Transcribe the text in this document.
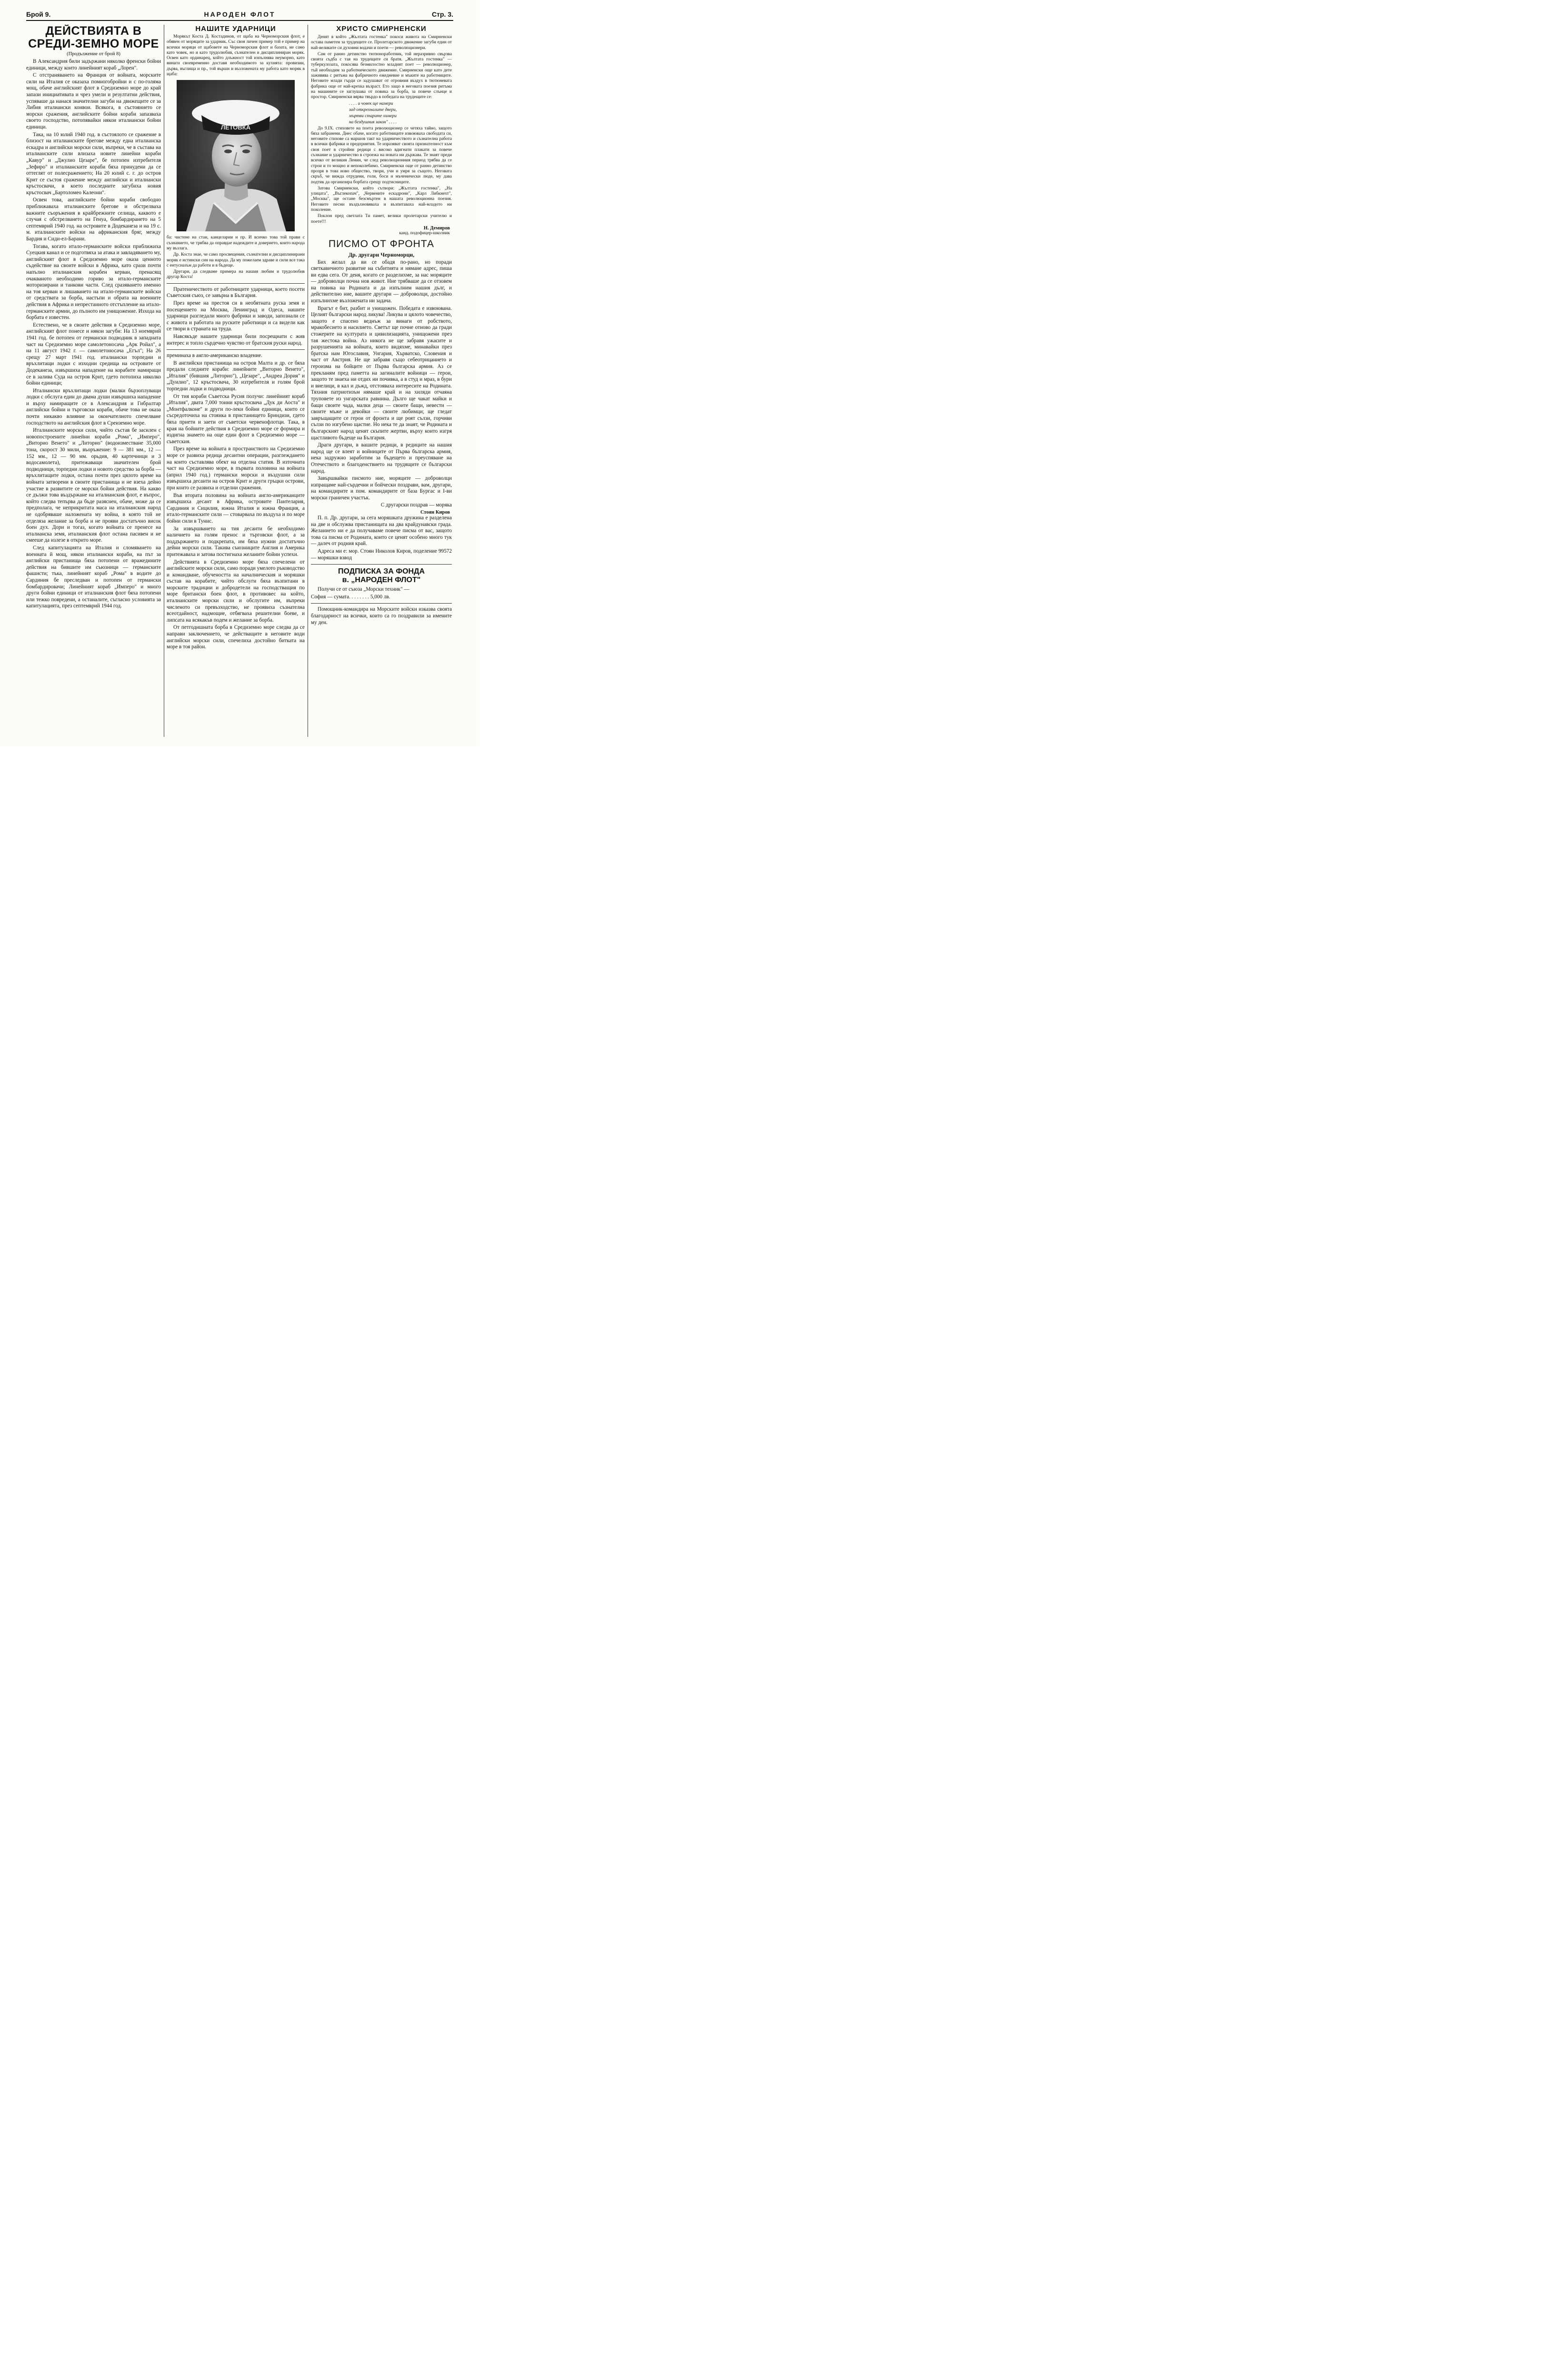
Брой 9.	НАРОДЕН ФЛОТ	Стр. 3.
ДЕЙСТВИЯТА В СРЕДИ-ЗЕМНО МОРЕ
(Продължение от брой 8)

В Александрия били задържани няколко френски бойни единици, между които линейният кораб „Лорен".

С отстраняването на Франция от войната, морските сили на Италия се оказаха помногобройни и с по-голяма мощ, обаче английският флот в Средиземно море до край запази инициативата и чрез умели и резултатни действия, успяваше да нанася значителни загуби на движещите се за Либия италиански конвои. Всякога, в състоянието се морски сражения, английските бойни кораби запазваха своето господство, потопявайки някои италиански бойни единици.

Така, на 10 юлий 1940 год. в състоялото се сражение в близост на италианските брегове между една италианска ескадра и английски морски сили, въпреки, че в състава на италианските сили влизаха новите линейни кораби „Кавур" и „Джулио Цезаре", бе потопен изтребителя „Зефиро" и италианските кораби бяха принудени да се оттеглят от полесражението; На 20 юлий с. г. до остров Крит се състоя сражение между английски и италиански кръстосвачи, в което последните загубиха новия кръстосвач „Бартоломео Калеони".

Освен това, английските бойни кораби свободно приближаваха италианските брегове и обстрелваха важните съоръжения в крайбрежните селища, каквото е случая с обстрелването на Генуа, бомбардирането на 5 септемврий 1940 год. на островите в Додеканеза и на 19 с. м. италианските войски на африканския бряг, между Бардия и Сиди-ел-Барани.

Тогава, когато итало-германските войски приближиха Суецкия канал и се подготвяха за атака и завладяването му, английският флот в Средиземно море оказа ценното съдействие на своите войски в Африка, като срази почти напълно италианския корабен керван, пренасящ очакваното необходимо гориво за итало-германските моторизирани и танкови части. След сразяването именно на тоя керван и лишаването на итало-германските войски от средствата за борба, настъпи и обрата на военните действия в Африка и непрестанното отстъпление на итало-германските армии, до пълното им унищожение. Изхода на борбата е известен.

Естествено, че в своите действия в Средиземно море, английският флот понесе и някои загуби: На 13 ноемврий 1941 год. бе потопен от германски подводник в западната част на Средиземно море самолетоносача „Арк Ройал", а на 11 август 1942 г. — самолетоносача „Егъл"; На 26 срещу 27 март 1941 год. италиански торпедни и връхлитащи лодки с изходни средища на островите от Додеканеза, извършиха нападение на корабите намиращи се в залива Суда на остров Крит, гдето потопиха няколко бойни единици;

Италиански връхлитащи лодки (малки бързоплуващи лодки с обслуга един до двама души извършиха нападение и върху намиращите се в Александрия и Гибралтар английски бойни и търговски кораби, обаче това не оказа почти никакво влияние за окончателното спечелване господството на английския флот в Среиземно море.

Италианските морски сили, чийто състав бе засилен с новопостроените линейни кораби „Рома", „Имперо", „Виторио Венето" и „Литорио" (водоизместване 35,000 тона, скорост 30 мили, въоръжение: 9 — 381 мм., 12 — 152 мм., 12 — 90 мм. орьдия, 40 картечници и 3 водосамолета), притежаващи значителен брой подводници, торпедни лодки и новото средство за борба — връхлитащите лодки, остана почти през цялото време на войната затворени в своите пристанища и не взеха дейно участие в развитите се морски бойни действия. На какво се дължи това въздържане на италианския флот, е въпрос, който следва тепърва да бъде разяснен, обаче, може да се предполага, че неприкритата маса на италианския народ не одобряваше наложената му война, в която той не отделяза желание за борба и не прояви достатъчно висок боен дух. Дори и тогаз, когато войната се пренесе на италианска земя, италианския флот остана пасивен и не смееше да излезе в открито море.

След капитулацията на Италия и сломяването на военната й мощ, някои италиански кораби, на път за английски пристанища бяха потопени от вражеднните действия на бившите им съюзници — германските фашисти; тъка, линейният кораб „Рома" в водите до Сардиния бе преследван и потопен от германски бомбардировачи; Линейният кораб „Имперо" и много други бойни единици от италианския флот бяха потопени или тежко повредени, а останалите, съгласно условията за капитулацията, през септемврий 1944 год.

НАШИТЕ УДАРНИЦИ

Морякът Коста Д. Костадинов, от щаба на Черноморския флот, е обявен от моряците за ударник. Със своя личен пример той е пример на всички моряци от щабовете на Черноморския флот и базата, не само като човек, но и като трудолюбив, съзнателен и дисциплиниран моряк. Освен като ординарец, който длъжност той изпълнява неуморно, като винаги своевременно доставя необходимото за кухнята: провизии, дърва, въглища и пр., той върши и възложената му работа като моряк в щаба:

ЛЕТОВКА

ба: чистене на стаи, канцеларии и пр. И всичко това той прави с съзнанието, че трябва да оправдае надеждите и доверието, които народа му възлага.

Др. Коста знае, че само просвещения, съзнателни и дисциплинирани моряк е истински син на народа. Да му пожелаем здраве и сили все така с ентусиазъм да работи и в бъдеще.

Другари, да следваме примера на нашия любим и трудолюбив другар Коста!

Пратеничеството от работниците ударници, което посети Съветския съюз, се завърна в България.

През време на престоя си в необятната руска земя и посещението на Москва, Ленинград и Одеса, нашите ударници разгледали много фабрики и заводи, запознали се с живота и работата на руските работници и са видели как се твори в страната на труда.

Навсякъде нашите ударници били посрещнати с жив интерес и топло сърдечно чувство от братския руски народ.

преминаха в англо-американско владение.

В английски пристанища на остров Малта и др. се бяха предали следните кораби: линейните „Виторио Венето", „Италия" (бившия „Литорио"), „Цезаре", „Андреа Дория" и „Дуилио", 12 кръстосвача, 30 изтребителя и голям брой торпедни лодки и подводници.

От тия кораби Съветска Русия получи: линейният кораб „Италия", двата 7,000 тонни кръстосвача „Дук ди Аоста" и „Монтфалконе" и други по-леки бойни единици, които се съсредоточиха на стоянка в пристанището Бриндизи, гдето бяха приети и заети от съветски червенофлотци. Така, в края на бойните действия в Средиземно море се формира и издигна знамето на още един флот в Средиземно море — съветския.

През време на войната в пространството на Средиземно море се развиха редица десантни операции, разглеждането на които съставлява обект на отделна статия. В източната част на Средиземно море, в първата половина на войната (април 1940 год.) германски морски и въздушни сили извършиха десанти на остров Крит и други гръцки острови, при които се развиха и отделни сражения.

Във втората половина на войната англо-американците извършиха десант в Африка, островите Пантелария, Сардиния и Сицилия, южна Италия и южна Франция, а итало-германските сили — стоварваха по въздуха и по море бойни сили в Тунис.

За извършването на тия десанти бе необходимо наличието на голям пренос и търговски флот, а за поддържането и подкрепата, им бяха нужни достатъчно дейни морски сили. Такива съюзниците Англия и Америка притежаваха и затова постигнаха желаните бойни успехи.

Действията в Средиземно море бяха спечелени от английските морски сили, само поради умелото ръководство и командване, обучеността на началническия и моряшки състав на корабите, чийто обслуги бяха възпитани в морските традиции и добродетели на господстващия по море британски боен флот, в противовес на който, италианските морски сили и обслугите им, въпреки численото си превъзходство, не проявиха съзнателна всеотдайност, надмощие, отбягваха решителни боеве, и липсата на всякакъв подем и желание за борба.

От петгодишната борба в Средиземно море следва да се направи заключението, че действащите в неговите води английски морски сили, спечелиха достойно битката на море в тоя район.

ХРИСТО СМИРНЕНСКИ

Денят в който „Жълтата гостенка" покоси живота на Смирненски остава паметен за трудещите се. Пролетарското движение загуби един от най-великите си духовни водачи и поети — революционери.

Сам от ранно детинство тютюноработник, той неразривно свързва своята съдба с тая на трудещите си братя. „Жълтата гостенка" — туберкулозата, покосява безмилостно младият поет — революционер, тъй необходим за работническото движение. Смирненски още като дете заживява с ритъма на фабричното ежедневие и мъките на работниците. Неговите млади гърди се задушават от отровния въздух в тютюневата фабрика още от най-крехка възраст. Ето защо в неговата поезия ритъма на машините се заглушава от повика за борба, за повече слънце и простор. Смирненски вярва твърдо в победата на трудещите се:

. . . . и човек ще намери

зад открехналите двери,

мъртви старите химери

на бездушния закон" . . . .

До 9.IX. стиховете на поета революционер се четяха тайно, защото бяха забранени. Днес обаче, когато работниците извоюваха свободата си, неговите стихове са маршов такт на ударничеството и съзнателна работа в всички фабрики и предприятия. Те изразяват своята признателност към своя поет в стройни редици с високо вдигнати плакати за повече съзнание и ударничество в строежа на новата ни държава. Те знаят преди всичко от великия Ленин, че след революционния период трябва да се строи и то мощно и непоколебимо. Смирненски още от ранно детинство прозря в това ново общество, твори, учи и умря за същото. Неговата скръб, че вижда отрудени, голи, боси и мъченически люде, му дава подтик да организира борбата срещу подтисниците.

Затова Смирненски, който сътвори: „Жълтата гостенка", „На улицата", „Въглекопач", „Червените ескадрони", „Карл Либкнехт", „Москва", ще остане безсмъртен в нашата революционна поезия. Неговите песни въздъхновяваха и възпитаваха най-младото ни поколение.

Поклон пред светлата Ти памет, велики пролетарски учителю и поете!!!

Н. Демиров
канд. подофицер-школник
ПИСМО ОТ ФРОНТА

Др. другари Черноморци,

Бих желал да ви се обадя по-рано, но поради светкавичното развитие на събитията и нямане адрес, пиша ви едва сега. От деня, когато се разделихме, за нас моряците — доброволци почна нов живот. Ние трябваше да се отзовем на повика на Родината и да изпълним нашия дълг, и действително ние, вашите другари — доброволци, достойно изпълнихме възложената ни задача.

Врагът е бит, разбит и унищожен. Победата е извоювана. Целият български народ ликува! Ликува и цялото човечество, защото е спасено веднъж за винаги от робството, мракобесието и насилието. Светът ще почне отново да гради стожерите на културата и цивилизацията, унищожени през тая жестока война. Аз никога не ще забравя ужасите и разрушенията на войната, които видяхме, минавайки през братска нам Югославия, Унгария, Хърватско, Словения и част от Австрия. Не ще забравя също себеотрицанието и героизма на бойците от Първа българска армия. Аз се прекланям пред паметта на загиналите войници — герои, защото те знаеха ни отдих ни почивка, а в студ и мраз, в бури и виелици, в кал и дъжд, отстояваха интересите на Родината. Тяхния патриотизъм нямаше край и на хиляди отчаяна труповете из унгарската равнина. Дълго ще чакат майки и бащи своите чада, малки деца — своите бащи, невести — своите мъже и девойки — своите любимци; ще гледат завръщащите се герои от фронта и ще роят сълзи, горчиви сълзи по изгубено щастие. Но нека те да знаят, че Родината и българският народ ценят скъпите жертви, върху които изгря щастливото бъдеще на България.

Драги другари, в вашите редици, в редиците на нашия народ ще се влеят и войниците от Първа българска армия, нека задружно заработим за бъдещето и преуспяване на Отечеството и благоденствието на трудящите се български народ.

Завършвайки писмото ние, моряците — доброволци изпращаме най-сърдечни и бойчески поздрави, вам, другари, на командирите и пом. командирите от база Бургас и I-ви морски граничен участък.

С другарски поздрав — моряка

Стоян Киров

П. п. Др. другари, за сега моряшката дружина е разделена на две и обслужва пристанищата на два крайдунавски града. Желанието ни е да получаваме повече писма от вас, защото това са писма от Родината, които се ценят особено много тук — далеч от родния край.

Адреса ми е: мор. Стоян Николов Киров, поделение 99572 — моряшки взвод

ПОДПИСКА ЗА ФОНДА
в. „НАРОДЕН ФЛОТ"

Получи се от съюза „Морски техник" —

София — сумата. . . . . . . . 5,000 лв.

Помощник-командира на Морските войски изказва своята благодарност на всички, които са го поздравили за имените му ден.
